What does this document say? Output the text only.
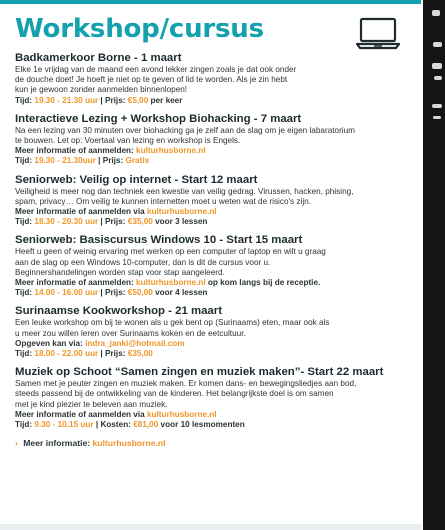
Workshop/cursus
Badkamerkoor Borne - 1 maart

Elke 1e vrijdag van de maand een avond lekker zingen zoals je dat ook onder

de douche doet! Je hoeft je niet op te geven of lid te worden. Als je zin hebt

kun je gewoon zonder aanmelden binnenlopen!

Tijd: 19.30 - 21.30 uur | Prijs: €5,00 per keer

Interactieve Lezing + Workshop Biohacking - 7 maart

Na een lezing van 30 minuten over biohacking ga je zelf aan de slag om je eigen labaratorium

te bouwen. Let op: Voertaal van lezing en workshop is Engels.

Meer informatie of aanmelden: kulturhusborne.nl

Tijd: 19.30 - 21.30uur | Prijs: Gratis

Seniorweb: Veilig op internet - Start 12 maart

Veiligheid is meer nog dan techniek een kwestie van veilig gedrag. Virussen, hacken, phising,

spam, privacy… Om veilig te kunnen internetten moet u weten wat de risico's zijn.

Meer informatie of aanmelden via kulturhusborne.nl

Tijd: 18.30 - 20.30 uur | Prijs: €35,00 voor 3 lessen

Seniorweb: Basiscursus Windows 10 - Start 15 maart

Heeft u geen of weinig ervaring met werken op een computer of laptop en wilt u graag

aan de slag op een Windows 10-computer, dan is dit de cursus voor u.

Beginnershandelingen worden stap voor stap aangeleerd.

Meer informatie of aanmelden: kulturhusborne.nl op kom langs bij de receptie.

Tijd: 14.00 - 16.00 uur | Prijs: €50,00 voor 4 lessen

Surinaamse Kookworkshop - 21 maart

Een leuke workshop om bij te wonen als u gek bent op (Surinaams) eten, maar ook als

u meer zou willen leren over Surinaams koken en de eetcultuur.

Opgeven kan via: indra_janki@hotmail.com

Tijd: 18.00 - 22.00 uur | Prijs: €35,00

Muziek op Schoot “Samen zingen en muziek maken”- Start 22 maart

Samen met je peuter zingen en muziek maken. Er komen dans- en bewegingsliedjes aan bod,

steeds passend bij de ontwikkeling van de kinderen. Het belangrijkste doel is om samen

met je kind plezier te beleven aan muziek.

Meer informatie of aanmelden via kulturhusborne.nl

Tijd: 9.30 - 10.15 uur | Kosten: €81,00 voor 10 lesmomenten

› Meer informatie: kulturhusborne.nl
